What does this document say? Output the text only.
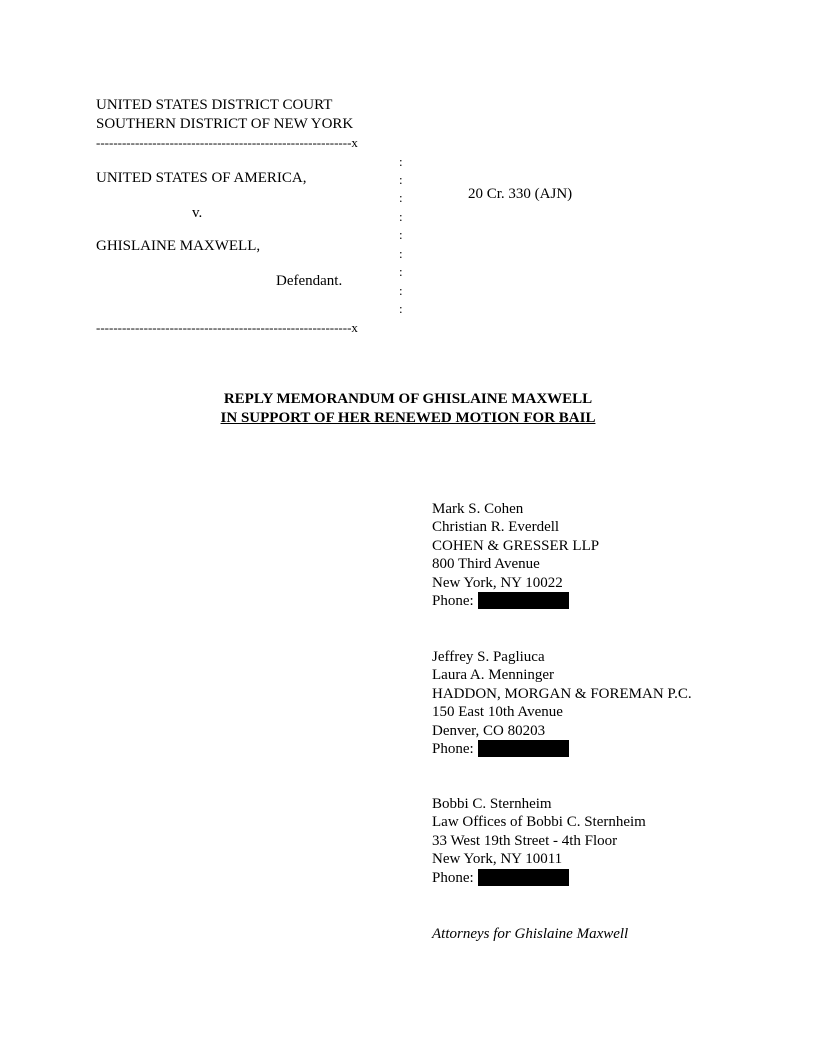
UNITED STATES DISTRICT COURT
SOUTHERN DISTRICT OF NEW YORK
-----------------------------------------------------------x
-----------------------------------------------------------x
:
:
:
:
:
:
:
:
:
UNITED STATES OF AMERICA,
v.
GHISLAINE MAXWELL,
Defendant.
20 Cr. 330 (AJN)
REPLY MEMORANDUM OF GHISLAINE MAXWELL
IN SUPPORT OF HER RENEWED MOTION FOR BAIL
Mark S. Cohen
Christian R. Everdell
COHEN & GRESSER LLP
800 Third Avenue
New York, NY 10022
Phone:
Jeffrey S. Pagliuca
Laura A. Menninger
HADDON, MORGAN & FOREMAN P.C.
150 East 10th Avenue
Denver, CO 80203
Phone:
Bobbi C. Sternheim
Law Offices of Bobbi C. Sternheim
33 West 19th Street - 4th Floor
New York, NY 10011
Phone:
Attorneys for Ghislaine Maxwell
